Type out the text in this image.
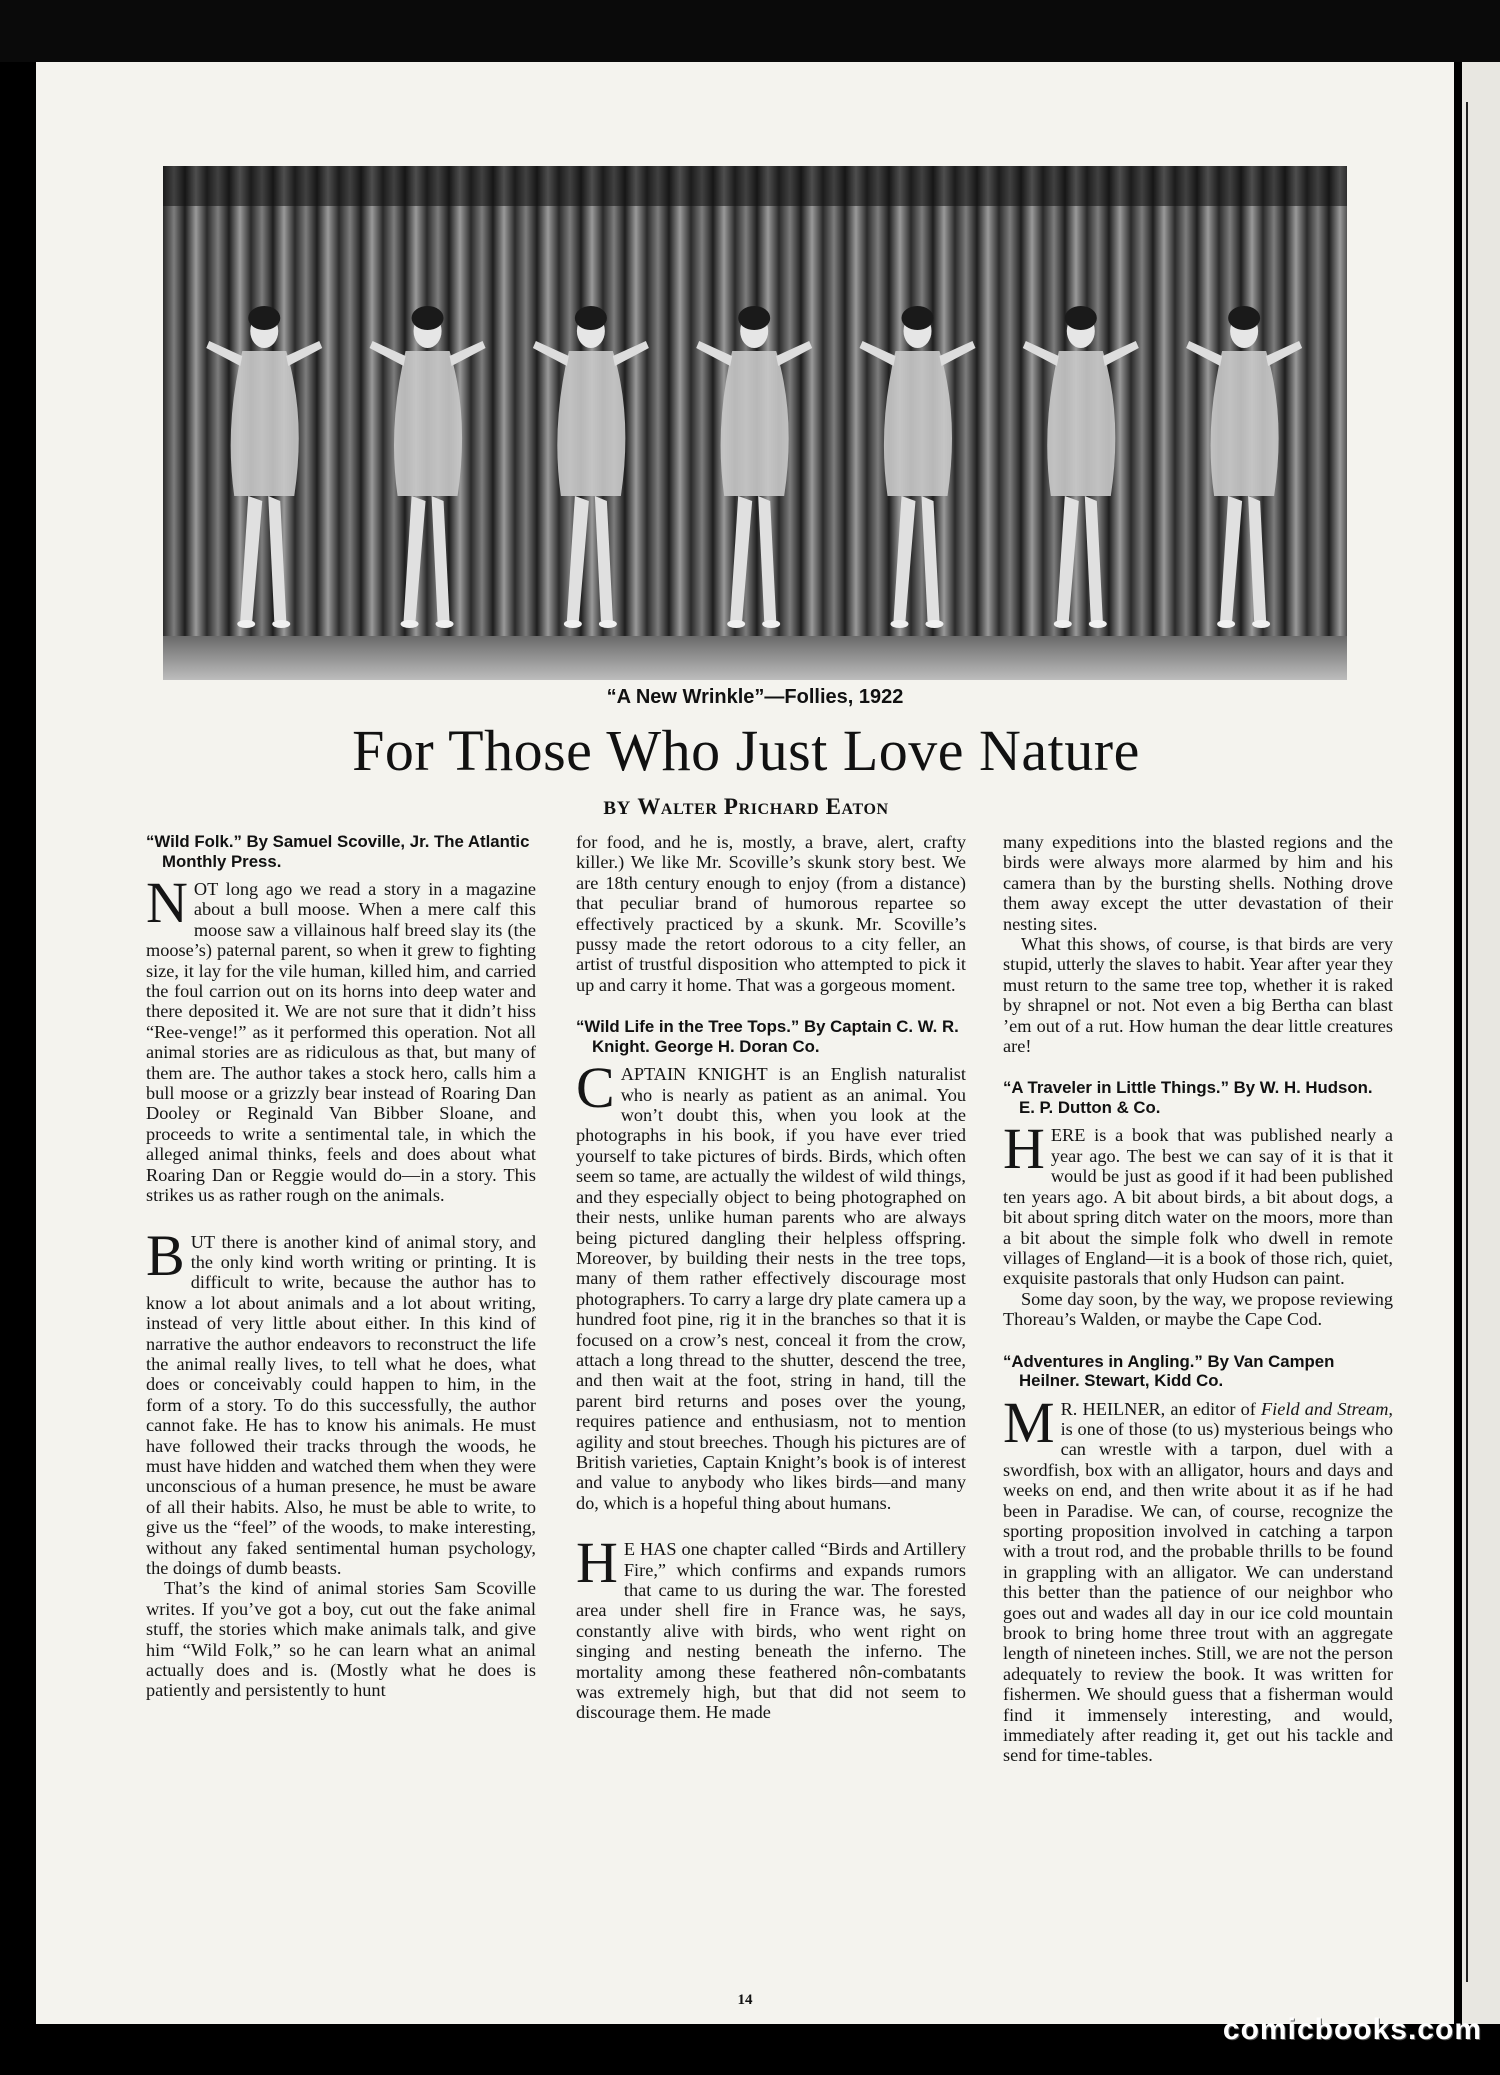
“A New Wrinkle”—Follies, 1922
For Those Who Just Love Nature
BY Walter Prichard Eaton
“Wild Folk.” By Samuel Scoville, Jr. The Atlantic Monthly Press.

NOT long ago we read a story in a magazine about a bull moose. When a mere calf this moose saw a villainous half breed slay its (the moose’s) paternal parent, so when it grew to fighting size, it lay for the vile human, killed him, and carried the foul carrion out on its horns into deep water and there deposited it. We are not sure that it didn’t hiss “Ree-venge!” as it performed this operation. Not all animal stories are as ridiculous as that, but many of them are. The author takes a stock hero, calls him a bull moose or a grizzly bear instead of Roaring Dan Dooley or Reginald Van Bibber Sloane, and proceeds to write a sentimental tale, in which the alleged animal thinks, feels and does about what Roaring Dan or Reggie would do—in a story. This strikes us as rather rough on the animals.

BUT there is another kind of animal story, and the only kind worth writing or printing. It is difficult to write, because the author has to know a lot about animals and a lot about writing, instead of very little about either. In this kind of narrative the author endeavors to reconstruct the life the animal really lives, to tell what he does, what does or conceivably could happen to him, in the form of a story. To do this successfully, the author cannot fake. He has to know his animals. He must have followed their tracks through the woods, he must have hidden and watched them when they were unconscious of a human presence, he must be aware of all their habits. Also, he must be able to write, to give us the “feel” of the woods, to make interesting, without any faked sentimental human psychology, the doings of dumb beasts.

That’s the kind of animal stories Sam Scoville writes. If you’ve got a boy, cut out the fake animal stuff, the stories which make animals talk, and give him “Wild Folk,” so he can learn what an animal actually does and is. (Mostly what he does is patiently and persistently to hunt

for food, and he is, mostly, a brave, alert, crafty killer.) We like Mr. Scoville’s skunk story best. We are 18th century enough to enjoy (from a distance) that peculiar brand of humorous repartee so effectively practiced by a skunk. Mr. Scoville’s pussy made the retort odorous to a city feller, an artist of trustful disposition who attempted to pick it up and carry it home. That was a gorgeous moment.

“Wild Life in the Tree Tops.” By Captain C. W. R. Knight. George H. Doran Co.

CAPTAIN KNIGHT is an English naturalist who is nearly as patient as an animal. You won’t doubt this, when you look at the photographs in his book, if you have ever tried yourself to take pictures of birds. Birds, which often seem so tame, are actually the wildest of wild things, and they especially object to being photographed on their nests, unlike human parents who are always being pictured dangling their helpless offspring. Moreover, by building their nests in the tree tops, many of them rather effectively discourage most photographers. To carry a large dry plate camera up a hundred foot pine, rig it in the branches so that it is focused on a crow’s nest, conceal it from the crow, attach a long thread to the shutter, descend the tree, and then wait at the foot, string in hand, till the parent bird returns and poses over the young, requires patience and enthusiasm, not to mention agility and stout breeches. Though his pictures are of British varieties, Captain Knight’s book is of interest and value to anybody who likes birds—and many do, which is a hopeful thing about humans.

H E HAS one chapter called “Birds and Artillery Fire,” which confirms and expands rumors that came to us during the war. The forested area under shell fire in France was, he says, constantly alive with birds, who went right on singing and nesting beneath the inferno. The mortality among these feathered nôn-combatants was extremely high, but that did not seem to discourage them. He made

many expeditions into the blasted regions and the birds were always more alarmed by him and his camera than by the bursting shells. Nothing drove them away except the utter devastation of their nesting sites.

What this shows, of course, is that birds are very stupid, utterly the slaves to habit. Year after year they must return to the same tree top, whether it is raked by shrapnel or not. Not even a big Bertha can blast ’em out of a rut. How human the dear little creatures are!

“A Traveler in Little Things.” By W. H. Hudson. E. P. Dutton & Co.

HERE is a book that was published nearly a year ago. The best we can say of it is that it would be just as good if it had been published ten years ago. A bit about birds, a bit about dogs, a bit about spring ditch water on the moors, more than a bit about the simple folk who dwell in remote villages of England—it is a book of those rich, quiet, exquisite pastorals that only Hudson can paint.

Some day soon, by the way, we propose reviewing Thoreau’s Walden, or maybe the Cape Cod.

“Adventures in Angling.” By Van Campen Heilner. Stewart, Kidd Co.

M R. HEILNER, an editor of Field and Stream, is one of those (to us) mysterious beings who can wrestle with a tarpon, duel with a swordfish, box with an alligator, hours and days and weeks on end, and then write about it as if he had been in Paradise. We can, of course, recognize the sporting proposition involved in catching a tarpon with a trout rod, and the probable thrills to be found in grappling with an alligator. We can understand this better than the patience of our neighbor who goes out and wades all day in our ice cold mountain brook to bring home three trout with an aggregate length of nineteen inches. Still, we are not the person adequately to review the book. It was written for fishermen. We should guess that a fisherman would find it immensely interesting, and would, immediately after reading it, get out his tackle and send for time-tables.

14
comicbooks.com
